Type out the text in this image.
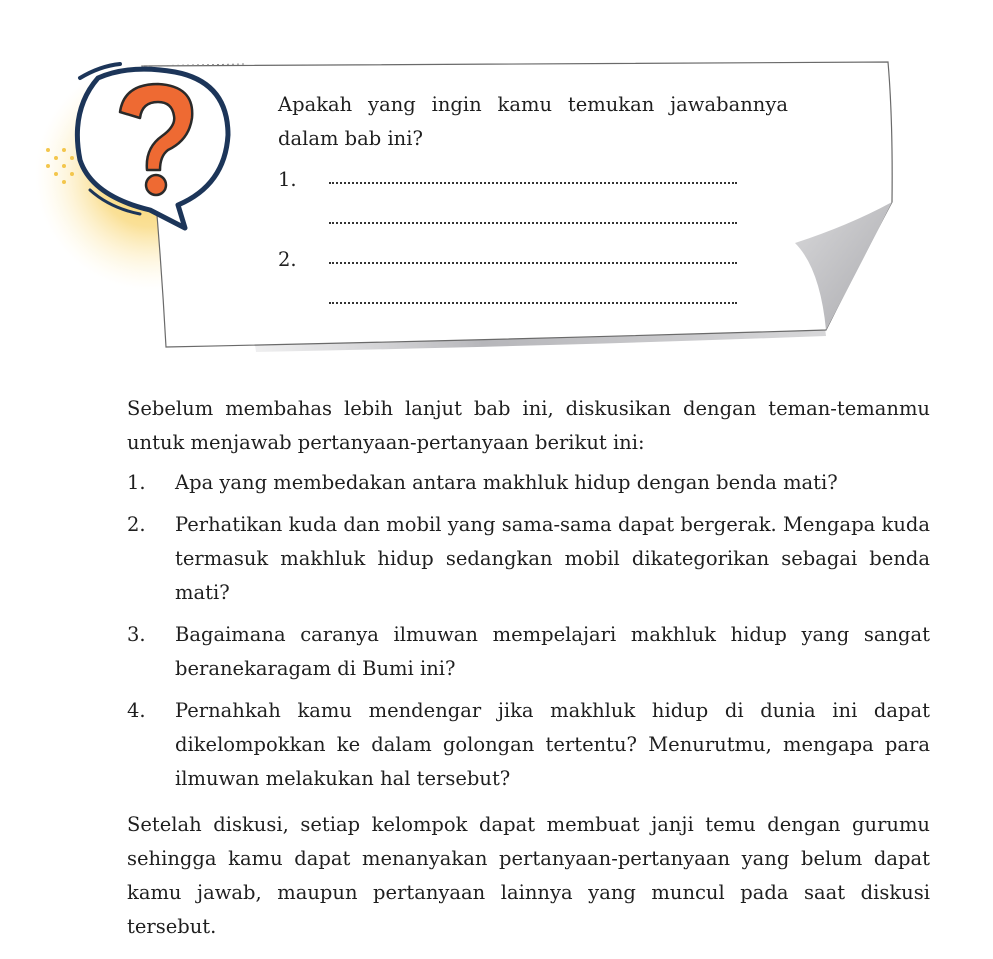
Apakah yang ingin kamu temukan jawabannya dalam bab ini?
1.
2.

Sebelum membahas lebih lanjut bab ini, diskusikan dengan teman-temanmu untuk menjawab pertanyaan-pertanyaan berikut ini:

1. Apa yang membedakan antara makhluk hidup dengan benda mati?
2. Perhatikan kuda dan mobil yang sama-sama dapat bergerak. Mengapa kuda termasuk makhluk hidup sedangkan mobil dikategorikan sebagai benda mati?
3. Bagaimana caranya ilmuwan mempelajari makhluk hidup yang sangat beranekaragam di Bumi ini?
4. Pernahkah kamu mendengar jika makhluk hidup di dunia ini dapat dikelompokkan ke dalam golongan tertentu? Menurutmu, mengapa para ilmuwan melakukan hal tersebut?

Setelah diskusi, setiap kelompok dapat membuat janji temu dengan gurumu sehingga kamu dapat menanyakan pertanyaan-pertanyaan yang belum dapat kamu jawab, maupun pertanyaan lainnya yang muncul pada saat diskusi tersebut.
